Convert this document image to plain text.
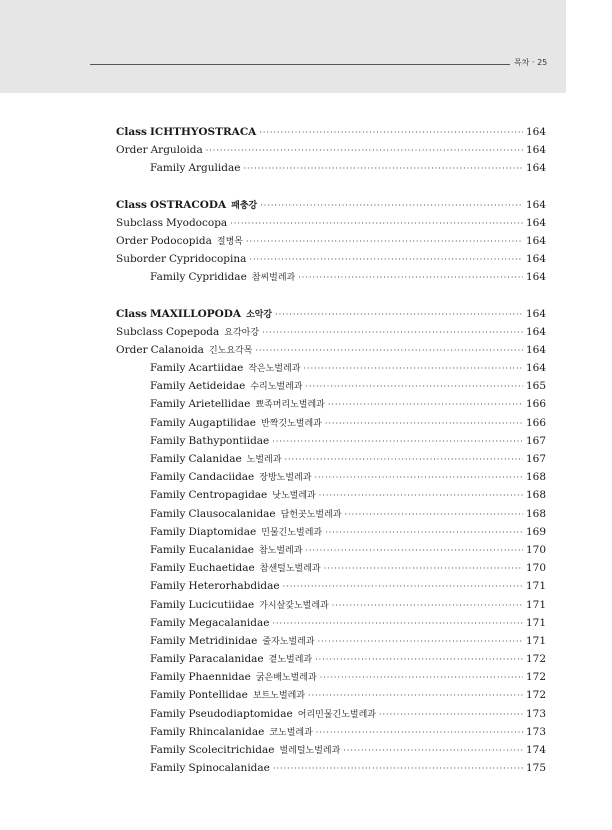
목차 · 25
Class ICHTHYOSTRACA ·····	164
Order Arguloida ·····	164
Family Argulidae ·····	164
Class OSTRACODA 패충강 ·····	164
Subclass Myodocopa ·····	164
Order Podocopida 절병목 ·····	164
Suborder Cypridocopina ·····	164
Family Cyprididae 참씨벌레과 ·····	164
Class MAXILLOPODA 소악강 ·····	164
Subclass Copepoda 요각아강 ·····	164
Order Calanoida 긴노요각목 ·····	164
Family Acartiidae 작은노벌레과 ·····	164
Family Aetideidae 수리노벌레과 ·····	165
Family Arietellidae 뾰족머리노벌레과 ·····	166
Family Augaptilidae 반짝깃노벌레과 ·····	166
Family Bathypontiidae ·····	167
Family Calanidae 노벌레과 ·····	167
Family Candaciidae 장방노벌레과 ·····	168
Family Centropagidae 낫노벌레과 ·····	168
Family Clausocalanidae 담헌곳노벌레과 ·····	168
Family Diaptomidae 민물긴노벌레과 ·····	169
Family Eucalanidae 참노벌레과 ·····	170
Family Euchaetidae 참샌털노벌레과 ·····	170
Family Heterorhabdidae ·····	171
Family Lucicutiidae 가시살갗노벌레과 ·····	171
Family Megacalanidae ·····	171
Family Metridinidae 줄자노벌레과 ·····	171
Family Paracalanidae 곁노벌레과 ·····	172
Family Phaennidae 굵은배노벌레과 ·····	172
Family Pontellidae 보트노벌레과 ·····	172
Family Pseudodiaptomidae 어리민물긴노벌레과 ·····	173
Family Rhincalanidae 코노벌레과 ·····	173
Family Scolecitrichidae 벌레털노벌레과 ·····	174
Family Spinocalanidae ·····	175
